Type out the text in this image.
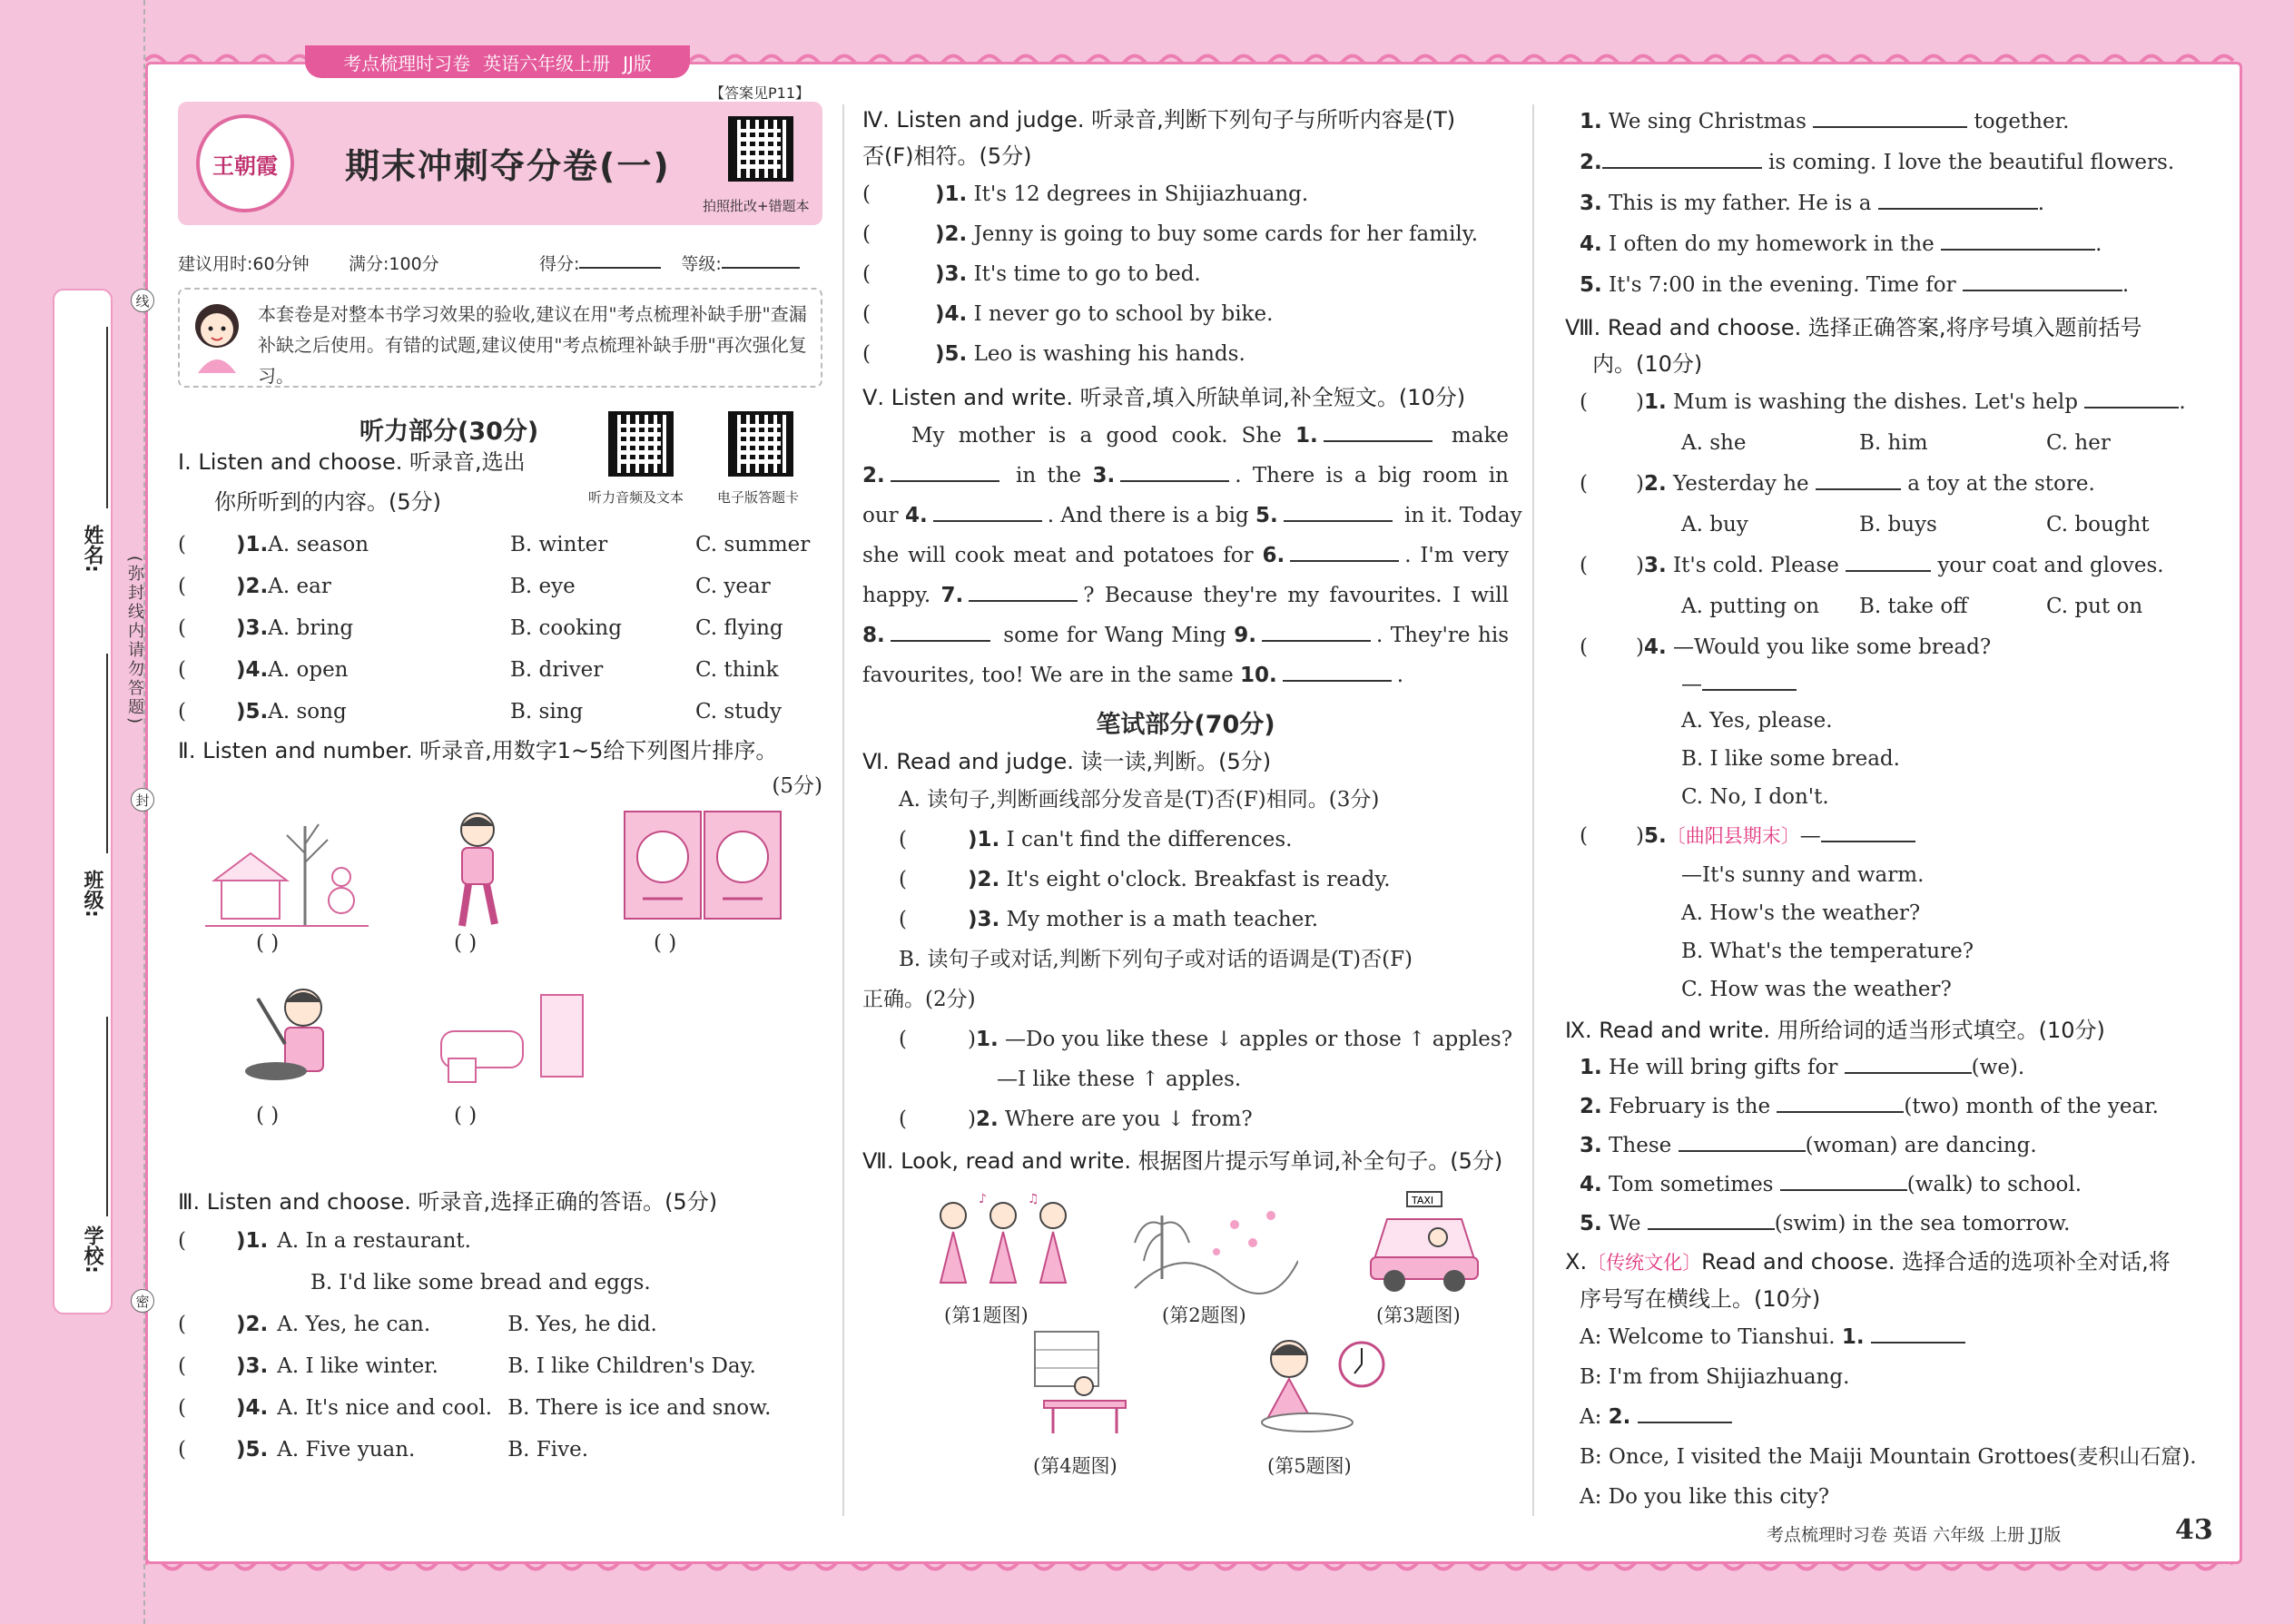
姓名:
班级:
学校:
线
封
密
(弥封线内请勿答题)
考点梳理时习卷 英语六年级上册 JJ版
【答案见P11】
王朝霞 期末冲刺夺分卷(一)
拍照批改+错题本
建议用时:60分钟	满分:100分	得分:	等级:
本套卷是对整本书学习效果的验收,建议在用"考点梳理补缺手册"查漏补缺之后使用。有错的试题,建议使用"考点梳理补缺手册"再次强化复习。
听力部分(30分)
听力音频及文本 电子版答题卡
Ⅰ. Listen and choose. 听录音,选出
你所听到的内容。(5分)
(	)1.A. season	B. winter	C. summer
(	)2.A. ear	B. eye	C. year
(	)3.A. bring	B. cooking	C. flying
(	)4.A. open	B. driver	C. think
(	)5.A. song	B. sing	C. study
Ⅱ. Listen and number. 听录音,用数字1~5给下列图片排序。
(5分)
( )	( )	( )
( )	( )
Ⅲ. Listen and choose. 听录音,选择正确的答语。(5分)
(	)1. A. In a restaurant.
B. I'd like some bread and eggs.
(	)2. A. Yes, he can.	B. Yes, he did.
(	)3. A. I like winter.	B. I like Children's Day.
(	)4. A. It's nice and cool. B. There is ice and snow.
(	)5. A. Five yuan.	B. Five.
Ⅳ. Listen and judge. 听录音,判断下列句子与所听内容是(T)
否(F)相符。(5分)
(	)1. It's 12 degrees in Shijiazhuang.
(	)2. Jenny is going to buy some cards for her family.
(	)3. It's time to go to bed.
(	)4. I never go to school by bike.
(	)5. Leo is washing his hands.
Ⅴ. Listen and write. 听录音,填入所缺单词,补全短文。(10分)
My mother is a good cook. She 1.	make
2.	in the 3.	. There is a big room in
our 4.	. And there is a big 5.	in it. Today
she will cook meat and potatoes for 6.	. I'm very
happy. 7.	? Because they're my favourites. I will
8.	some for Wang Ming 9.	. They're his
favourites, too! We are in the same 10.	.
笔试部分(70分)
Ⅵ. Read and judge. 读一读,判断。(5分)
A. 读句子,判断画线部分发音是(T)否(F)相同。(3分)
(	)1. I can't find the differences.
(	)2. It's eight o'clock. Breakfast is ready.
(	)3. My mother is a math teacher.
B. 读句子或对话,判断下列句子或对话的语调是(T)否(F)
正确。(2分)
(	)1. —Do you like these ↓ apples or those ↑ apples?
—I like these ↑ apples.
(	)2. Where are you ↓ from?
Ⅶ. Look, read and write. 根据图片提示写单词,补全句子。(5分)
♪	♫
(第1题图)	(第2题图)
TAXI
(第3题图)
(第4题图)	(第5题图)
1. We sing Christmas	together.
2.	is coming. I love the beautiful flowers.
3. This is my father. He is a	.
4. I often do my homework in the	.
5. It's 7:00 in the evening. Time for	.
Ⅷ. Read and choose. 选择正确答案,将序号填入题前括号
内。(10分)
( )1. Mum is washing the dishes. Let's help	.
A. she	B. him	C. her
( )2. Yesterday he	a toy at the store.
A. buy	B. buys	C. bought
( )3. It's cold. Please	your coat and gloves.
A. putting on	B. take off	C. put on
( )4. —Would you like some bread?
—
A. Yes, please.
B. I like some bread.
C. No, I don't.
( )5.〔曲阳县期末〕—
—It's sunny and warm.
A. How's the weather?
B. What's the temperature?
C. How was the weather?
Ⅸ. Read and write. 用所给词的适当形式填空。(10分)
1. He will bring gifts for	(we).
2. February is the	(two) month of the year.
3. These	(woman) are dancing.
4. Tom sometimes	(walk) to school.
5. We	(swim) in the sea tomorrow.
Ⅹ.〔传统文化〕Read and choose. 选择合适的选项补全对话,将
序号写在横线上。(10分)
A: Welcome to Tianshui. 1.
B: I'm from Shijiazhuang.
A: 2.
B: Once, I visited the Maiji Mountain Grottoes(麦积山石窟).
A: Do you like this city?
考点梳理时习卷 英语 六年级 上册 JJ版	43
